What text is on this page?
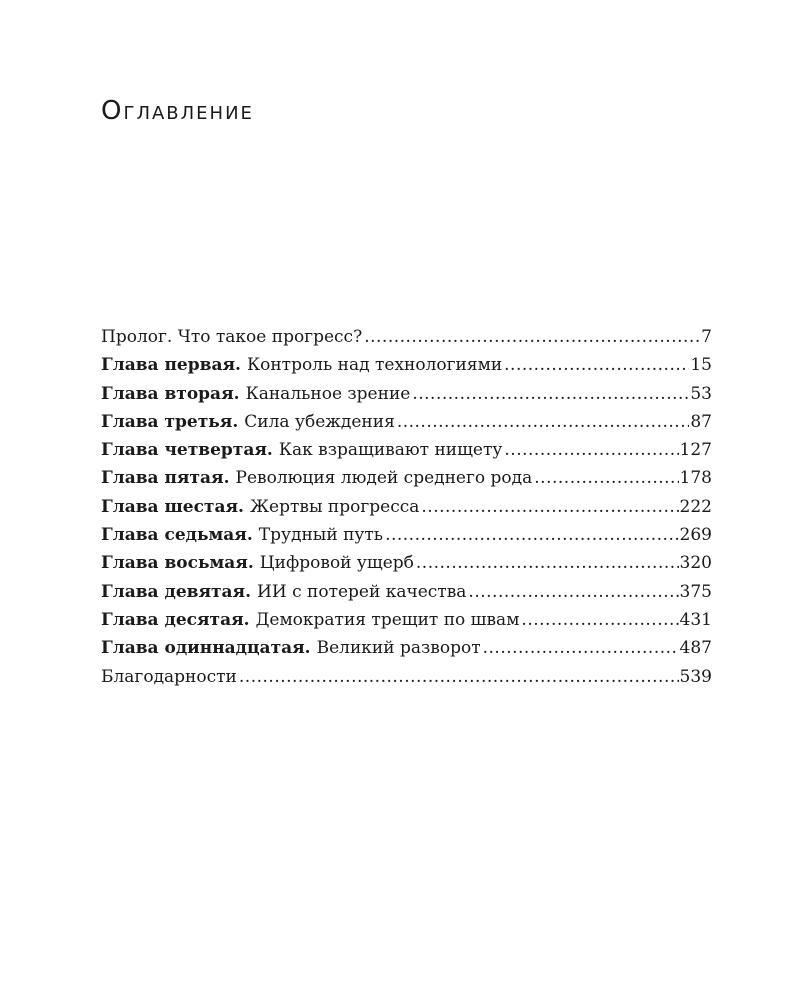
Оглавление
Пролог. Что такое прогресс? .....	7
Глава первая. Контроль над технологиями .....	15
Глава вторая. Канальное зрение .....	53
Глава третья. Сила убеждения .....	87
Глава четвертая. Как взращивают нищету .....	127
Глава пятая. Революция людей среднего рода .....	178
Глава шестая. Жертвы прогресса .....	222
Глава седьмая. Трудный путь .....	269
Глава восьмая. Цифровой ущерб .....	320
Глава девятая. ИИ с потерей качества .....	375
Глава десятая. Демократия трещит по швам .....	431
Глава одиннадцатая. Великий разворот .....	487
Благодарности .....	539
